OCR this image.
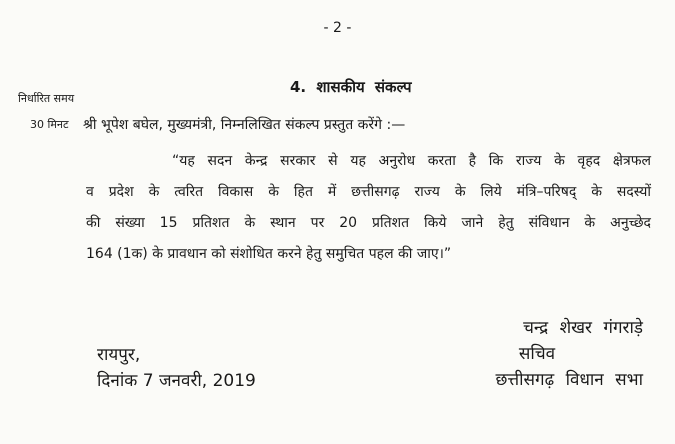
- 2 -
4. शासकीय संकल्प
निर्धारित समय
30 मिनट श्री भूपेश बघेल, मुख्यमंत्री, निम्नलिखित संकल्प प्रस्तुत करेंगे :—
“यह सदन केन्द्र सरकार से यह अनुरोध करता है कि राज्य के वृहद क्षेत्रफल
व प्रदेश के त्वरित विकास के हित में छत्तीसगढ़ राज्य के लिये मंत्रि–परिषद् के सदस्यों
की संख्या 15 प्रतिशत के स्थान पर 20 प्रतिशत किये जाने हेतु संविधान के अनुच्छेद
164 (1क) के प्रावधान को संशोधित करने हेतु समुचित पहल की जाए।”
रायपुर,
दिनांक 7 जनवरी, 2019
चन्द्र शेखर गंगराड़े
सचिव
छत्तीसगढ़ विधान सभा
